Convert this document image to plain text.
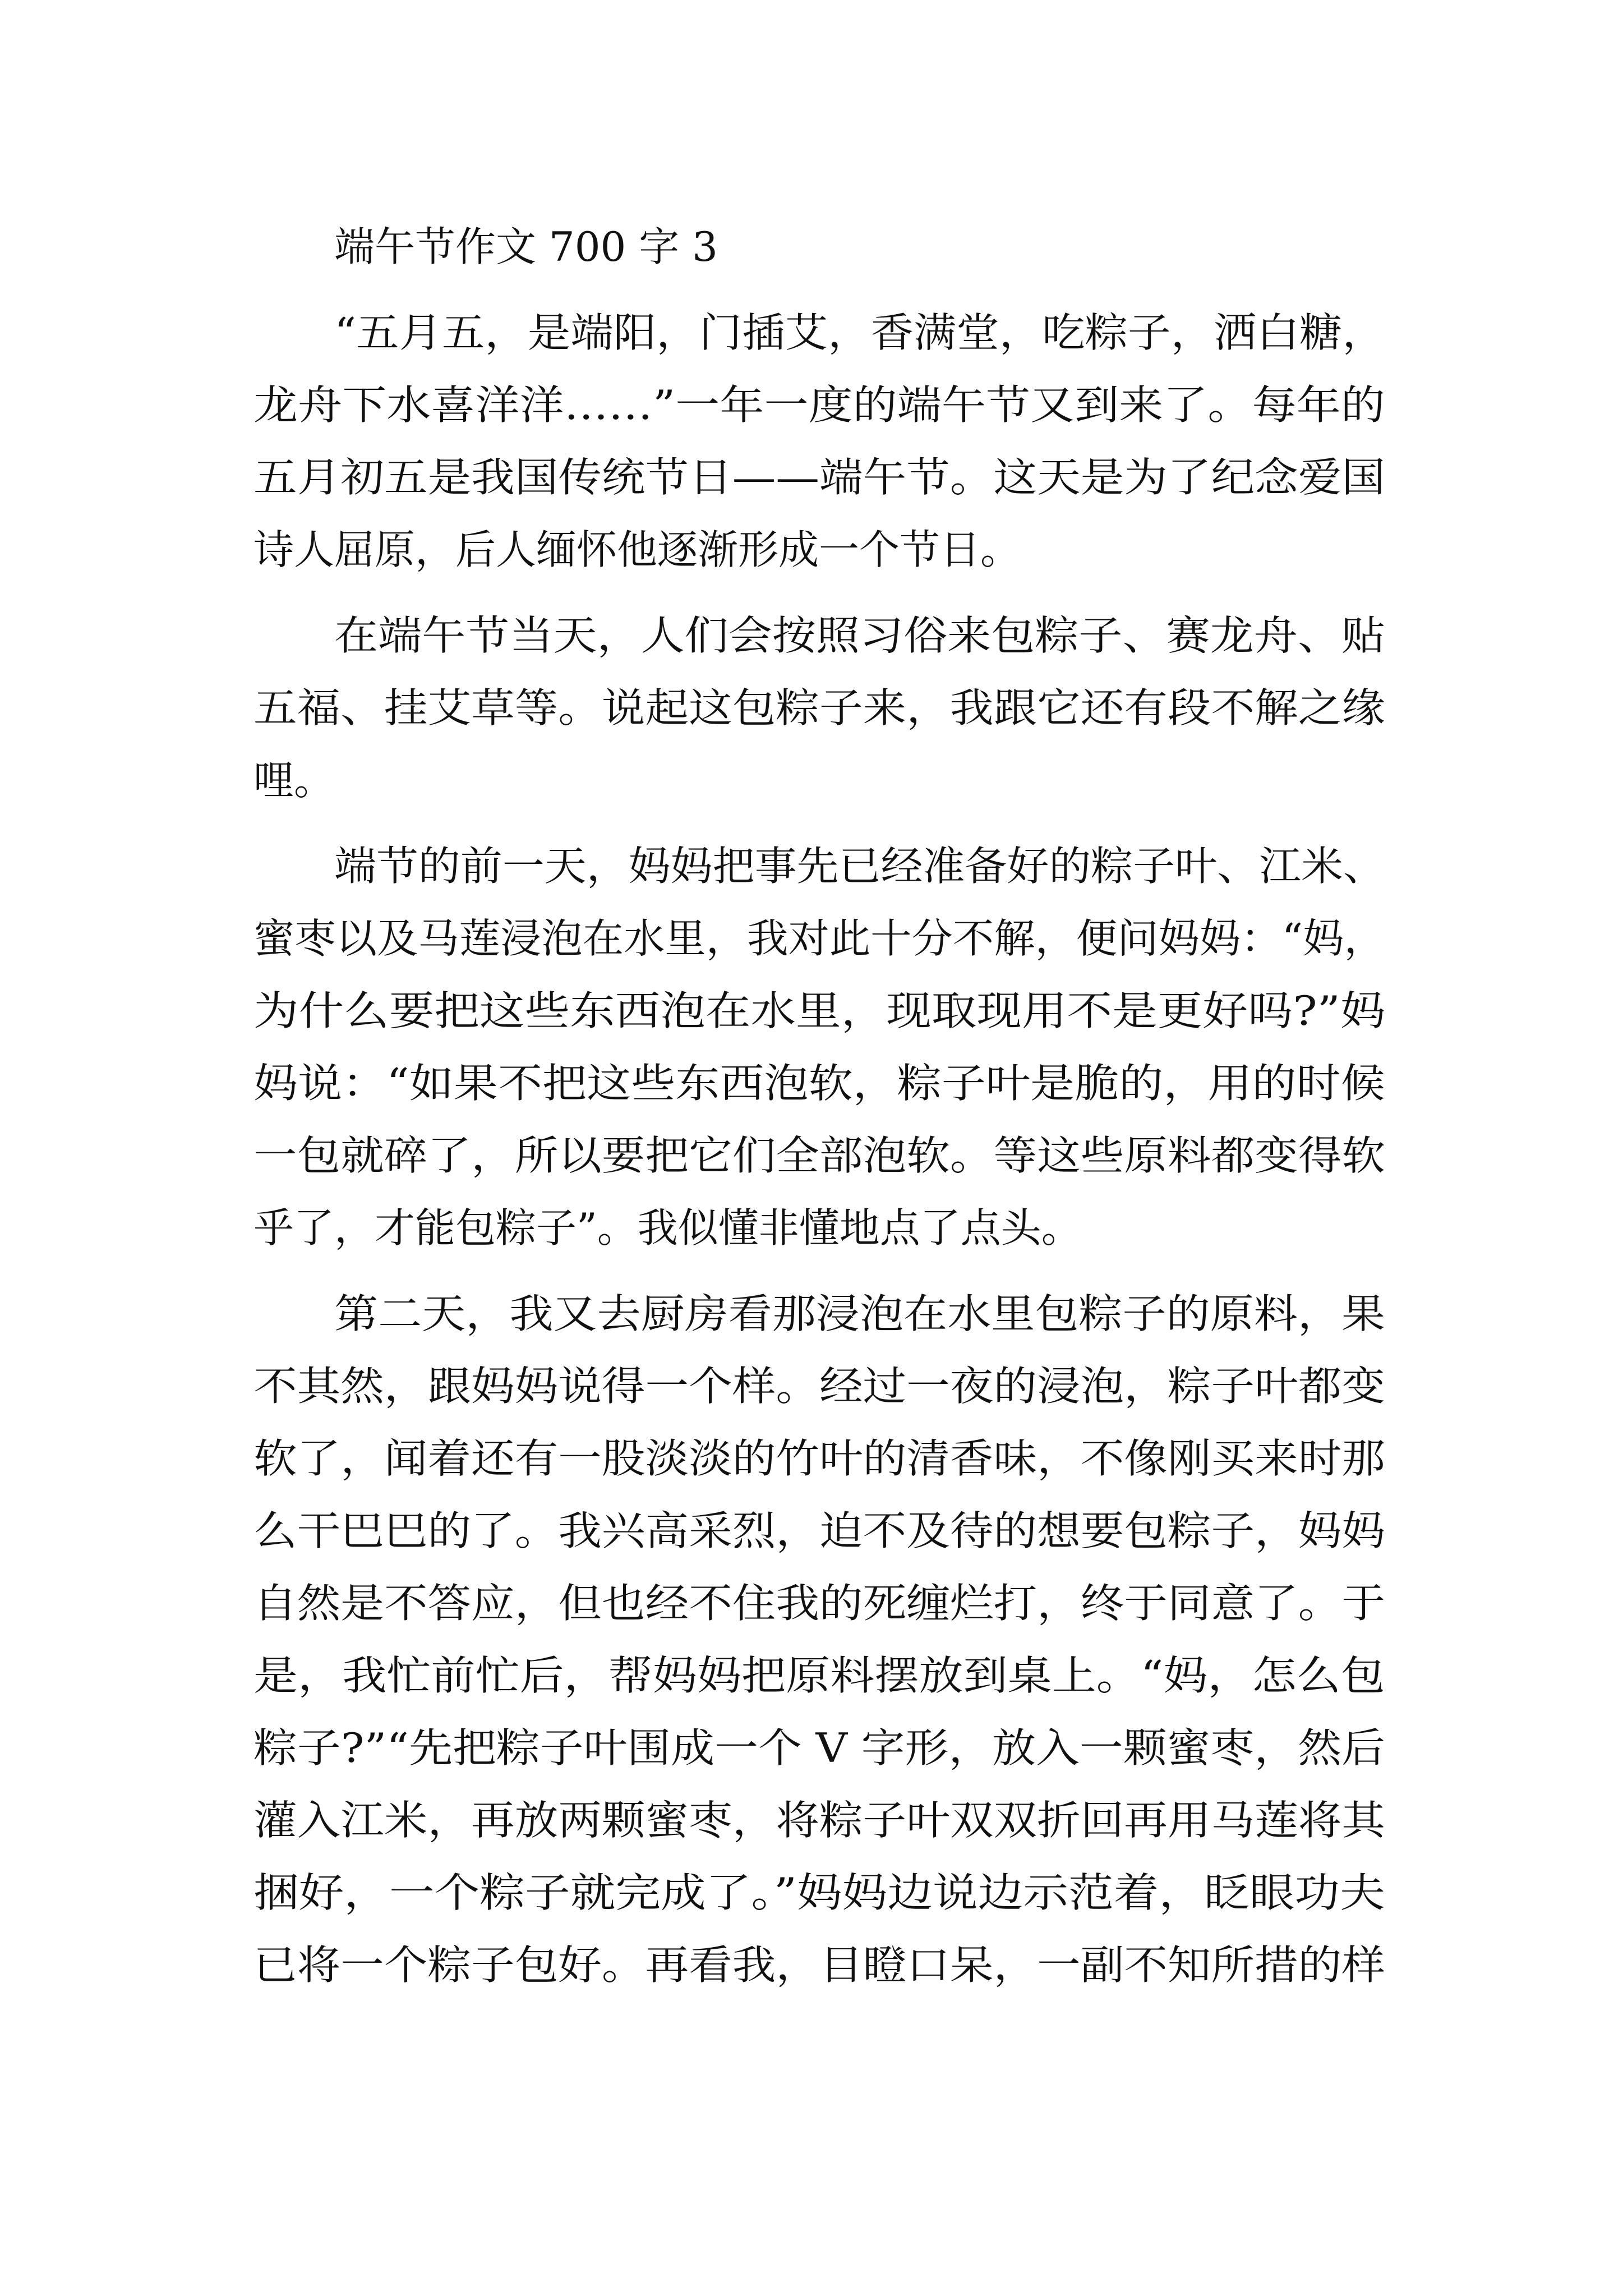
端午节作文 700 字 3
“五月五，是端阳，门插艾，香满堂，吃粽子，洒白糖，
龙舟下水喜洋洋……”一年一度的端午节又到来了。每年的
五月初五是我国传统节日——端午节。这天是为了纪念爱国
诗人屈原，后人缅怀他逐渐形成一个节日。
在端午节当天，人们会按照习俗来包粽子、赛龙舟、贴
五福、挂艾草等。说起这包粽子来，我跟它还有段不解之缘
哩。
端节的前一天，妈妈把事先已经准备好的粽子叶、江米、
蜜枣以及马莲浸泡在水里，我对此十分不解，便问妈妈：“妈，
为什么要把这些东西泡在水里，现取现用不是更好吗?”妈
妈说：“如果不把这些东西泡软，粽子叶是脆的，用的时候
一包就碎了，所以要把它们全部泡软。等这些原料都变得软
乎了，才能包粽子”。我似懂非懂地点了点头。
第二天，我又去厨房看那浸泡在水里包粽子的原料，果
不其然，跟妈妈说得一个样。经过一夜的浸泡，粽子叶都变
软了，闻着还有一股淡淡的竹叶的清香味，不像刚买来时那
么干巴巴的了。我兴高采烈，迫不及待的想要包粽子，妈妈
自然是不答应，但也经不住我的死缠烂打，终于同意了。于
是，我忙前忙后，帮妈妈把原料摆放到桌上。“妈，怎么包
粽子?”“先把粽子叶围成一个 V 字形，放入一颗蜜枣，然后
灌入江米，再放两颗蜜枣，将粽子叶双双折回再用马莲将其
捆好，一个粽子就完成了。”妈妈边说边示范着，眨眼功夫
已将一个粽子包好。再看我，目瞪口呆，一副不知所措的样
